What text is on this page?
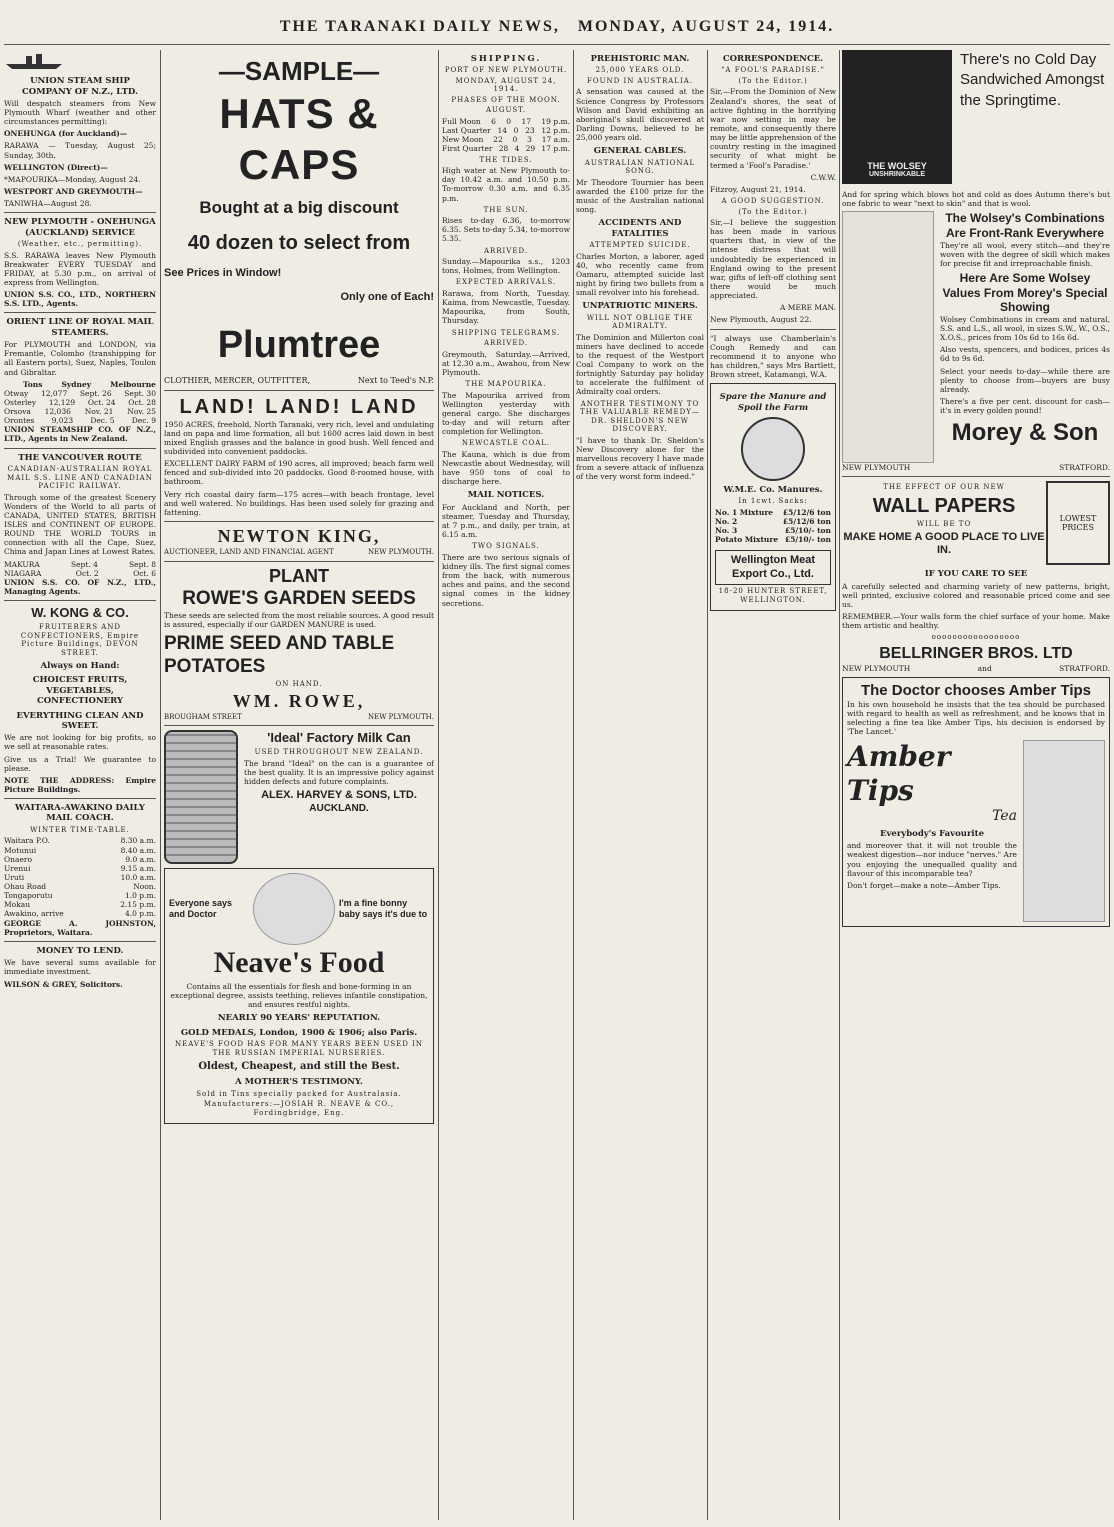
THE TARANAKI DAILY NEWS, MONDAY, AUGUST 24, 1914.
UNION STEAM SHIP COMPANY OF N.Z., LTD.

Will despatch steamers from New Plymouth Wharf (weather and other circumstances permitting):

ONEHUNGA (for Auckland)—

RARAWA — Tuesday, August 25; Sunday, 30th.

WELLINGTON (Direct)—

*MAPOURIKA—Monday, August 24.

WESTPORT AND GREYMOUTH—

TANIWHA—August 28.

NEW PLYMOUTH - ONEHUNGA (AUCKLAND) SERVICE
(Weather, etc., permitting).

S.S. RARAWA leaves New Plymouth Breakwater EVERY TUESDAY and FRIDAY, at 5.30 p.m., on arrival of express from Wellington.

UNION S.S. CO., LTD., NORTHERN S.S. LTD., Agents.

ORIENT LINE OF ROYAL MAIL STEAMERS.

For PLYMOUTH and LONDON, via Fremantle, Colombo (transhipping for all Eastern ports), Suez, Naples, Toulon and Gibraltar.

Tons	Sydney	Melbourne
Otway 12,077 Sept. 26 Sept. 30
Osterley 12,129 Oct. 24 Oct. 28
Orsova 12,036 Nov. 21 Nov. 25
Orontes 9,023 Dec. 5 Dec. 9

UNION STEAMSHIP CO. OF N.Z., LTD., Agents in New Zealand.

THE VANCOUVER ROUTE
CANADIAN-AUSTRALIAN ROYAL MAIL S.S. LINE AND CANADIAN PACIFIC RAILWAY.

Through some of the greatest Scenery Wonders of the World to all parts of CANADA, UNITED STATES, BRITISH ISLES and CONTINENT OF EUROPE. ROUND THE WORLD TOURS in connection with all the Cape, Suez, China and Japan Lines at Lowest Rates.

MAKURA	Sept. 4	Sept. 8
NIAGARA	Oct. 2	Oct. 6

UNION S.S. CO. OF N.Z., LTD., Managing Agents.

W. KONG & CO.
FRUITERERS AND CONFECTIONERS, Empire Picture Buildings, DEVON STREET.
Always on Hand:
CHOICEST FRUITS, VEGETABLES, CONFECTIONERY
EVERYTHING CLEAN AND SWEET.

We are not looking for big profits, so we sell at reasonable rates.

Give us a Trial! We guarantee to please.

NOTE THE ADDRESS: Empire Picture Buildings.

WAITARA-AWAKINO DAILY MAIL COACH.
WINTER TIME-TABLE.
Waitara P.O.	8.30 a.m.
Motunui	8.40 a.m.
Onaero	9.0 a.m.
Urenui	9.15 a.m.
Uruti	10.0 a.m.
Ohau Road	Noon.
Tongaporutu	1.0 p.m.
Mokau	2.15 p.m.
Awakino, arrive	4.0 p.m.

GEORGE A. JOHNSTON, Proprietors, Waitara.

MONEY TO LEND.

We have several sums available for immediate investment.

WILSON & GREY, Solicitors.

—SAMPLE—
HATS & CAPS
Bought at a big discount
40 dozen to select from
See Prices in Window!
Only one of Each!
Plumtree
CLOTHIER, MERCER, OUTFITTER,	Next to Teed's N.P.
LAND! LAND! LAND

1950 ACRES, freehold, North Taranaki, very rich, level and undulating land on papa and lime formation, all but 1600 acres laid down in best mixed English grasses and the balance in good bush. Well fenced and subdivided into convenient paddocks.

EXCELLENT DAIRY FARM of 190 acres, all improved; beach farm well fenced and sub-divided into 20 paddocks. Good 8-roomed house, with bathroom.

Very rich coastal dairy farm—175 acres—with beach frontage, level and well watered. No buildings. Has been used solely for grazing and fattening.

NEWTON KING,
AUCTIONEER, LAND AND FINANCIAL AGENT	NEW PLYMOUTH.
PLANT
ROWE'S GARDEN SEEDS

These seeds are selected from the most reliable sources. A good result is assured, especially if our GARDEN MANURE is used.

PRIME SEED AND TABLE POTATOES
ON HAND.
WM. ROWE,
BROUGHAM STREET	NEW PLYMOUTH.
'Ideal' Factory Milk Can
USED THROUGHOUT NEW ZEALAND.

The brand "Ideal" on the can is a guarantee of the best quality. It is an impressive policy against hidden defects and future complaints.

ALEX. HARVEY & SONS, LTD.
AUCKLAND.
Everyone says and Doctor
I'm a fine bonny baby says it's due to
Neave's Food

Contains all the essentials for flesh and bone-forming in an exceptional degree, assists teething, relieves infantile constipation, and ensures restful nights.

NEARLY 90 YEARS' REPUTATION.
GOLD MEDALS, London, 1900 & 1906; also Paris.
NEAVE'S FOOD HAS FOR MANY YEARS BEEN USED IN THE RUSSIAN IMPERIAL NURSERIES.
Oldest, Cheapest, and still the Best.
A MOTHER'S TESTIMONY.
Sold in Tins specially packed for Australasia.
Manufacturers:—JOSIAH R. NEAVE & CO., Fordingbridge, Eng.
SHIPPING.
PORT OF NEW PLYMOUTH.
MONDAY, AUGUST 24, 1914.
PHASES OF THE MOON.
AUGUST.
Full Moon 6 0 17 19 p.m.
Last Quarter 14 0 23 12 p.m.
New Moon 22 0 3 17 a.m.
First Quarter 28 4 29 17 p.m.
THE TIDES.

High water at New Plymouth to-day 10.42 a.m. and 10.50 p.m. To-morrow 0.30 a.m. and 6.35 p.m.

THE SUN.

Rises to-day 6.36, to-morrow 6.35. Sets to-day 5.34, to-morrow 5.35.

ARRIVED.

Sunday.—Mapourika s.s., 1203 tons, Holmes, from Wellington.

EXPECTED ARRIVALS.

Rarawa, from North, Tuesday. Kaima, from Newcastle, Tuesday. Mapourika, from South, Thursday.

SHIPPING TELEGRAMS.
ARRIVED.

Greymouth, Saturday.—Arrived, at 12.30 a.m., Awahou, from New Plymouth.

THE MAPOURIKA.

The Mapourika arrived from Wellington yesterday with general cargo. She discharges to-day and will return after completion for Wellington.

NEWCASTLE COAL.

The Kauna, which is due from Newcastle about Wednesday, will have 950 tons of coal to discharge here.

MAIL NOTICES.

For Auckland and North, per steamer, Tuesday and Thursday, at 7 p.m., and daily, per train, at 6.15 a.m.

TWO SIGNALS.

There are two serious signals of kidney ills. The first signal comes from the back, with numerous aches and pains, and the second signal comes in the kidney secretions.

PREHISTORIC MAN.
25,000 YEARS OLD.
FOUND IN AUSTRALIA.

A sensation was caused at the Science Congress by Professors Wilson and David exhibiting an aboriginal's skull discovered at Darling Downs, believed to be 25,000 years old.

GENERAL CABLES.
AUSTRALIAN NATIONAL SONG.

Mr Theodore Tournier has been awarded the £100 prize for the music of the Australian national song.

ACCIDENTS AND FATALITIES
ATTEMPTED SUICIDE.

Charles Morton, a laborer, aged 40, who recently came from Oamaru, attempted suicide last night by firing two bullets from a small revolver into his forehead.

UNPATRIOTIC MINERS.
WILL NOT OBLIGE THE ADMIRALTY.

The Dominion and Millerton coal miners have declined to accede to the request of the Westport Coal Company to work on the fortnightly Saturday pay holiday to accelerate the fulfilment of Admiralty coal orders.

ANOTHER TESTIMONY TO THE VALUABLE REMEDY—DR. SHELDON'S NEW DISCOVERY.

"I have to thank Dr. Sheldon's New Discovery alone for the marvellous recovery I have made from a severe attack of influenza of the very worst form indeed."

CORRESPONDENCE.
"A FOOL'S PARADISE."
(To the Editor.)

Sir,—From the Dominion of New Zealand's shores, the seat of active fighting in the horrifying war now setting in may be remote, and consequently there may be little apprehension of the country resting in the imagined security of what might be termed a 'Fool's Paradise.'

C.W.W.

Fitzroy, August 21, 1914.

A GOOD SUGGESTION.
(To the Editor.)

Sir,—I believe the suggestion has been made in various quarters that, in view of the intense distress that will undoubtedly be experienced in England owing to the present war, gifts of left-off clothing sent there would be much appreciated.

A MERE MAN.

New Plymouth, August 22.

"I always use Chamberlain's Cough Remedy and can recommend it to anyone who has children," says Mrs Bartlett, Brown street, Katamangi, W.A.

Spare the Manure and Spoil the Farm
W.M.E. Co. Manures.
In 1cwt. Sacks:
No. 1 Mixture £5/12/6 ton
No. 2	£5/12/6 ton
No. 3	£5/10/- ton
Potato Mixture £5/10/- ton
Wellington Meat Export Co., Ltd.
18-20 HUNTER STREET, WELLINGTON.
THE WOLSEY
UNSHRINKABLE
There's no Cold Day Sandwiched Amongst the Springtime.

And for spring which blows hot and cold as does Autumn there's but one fabric to wear "next to skin" and that is wool.

The Wolsey's Combinations Are Front-Rank Everywhere

They're all wool, every stitch—and they're woven with the degree of skill which makes for precise fit and irreproachable finish.

Here Are Some Wolsey Values From Morey's Special Showing

Wolsey Combinations in cream and natural, S.S. and L.S., all wool, in sizes S.W., W., O.S., X.O.S., prices from 10s 6d to 16s 6d.

Also vests, spencers, and bodices, prices 4s 6d to 9s 6d.

Select your needs to-day—while there are plenty to choose from—buyers are busy already.

There's a five per cent. discount for cash—it's in every golden pound!

Morey & Son
NEW PLYMOUTH	STRATFORD.
THE EFFECT OF OUR NEW
WALL PAPERS
WILL BE TO
MAKE HOME A GOOD PLACE TO LIVE IN.
LOWEST PRICES
IF YOU CARE TO SEE

A carefully selected and charming variety of new patterns, bright, well printed, exclusive colored and reasonable priced come and see us.

REMEMBER.—Your walls form the chief surface of your home. Make them artistic and healthy.

ooooooooooooooooo
BELLRINGER BROS. LTD
NEW PLYMOUTH	and	STRATFORD.
The Doctor chooses Amber Tips

In his own household he insists that the tea should be purchased with regard to health as well as refreshment, and he knows that in selecting a fine tea like Amber Tips, his decision is endorsed by 'The Lancet.'

Amber Tips
Tea
Everybody's Favourite

and moreover that it will not trouble the weakest digestion—nor induce "nerves." Are you enjoying the unequalled quality and flavour of this incomparable tea?

Don't forget—make a note—Amber Tips.
